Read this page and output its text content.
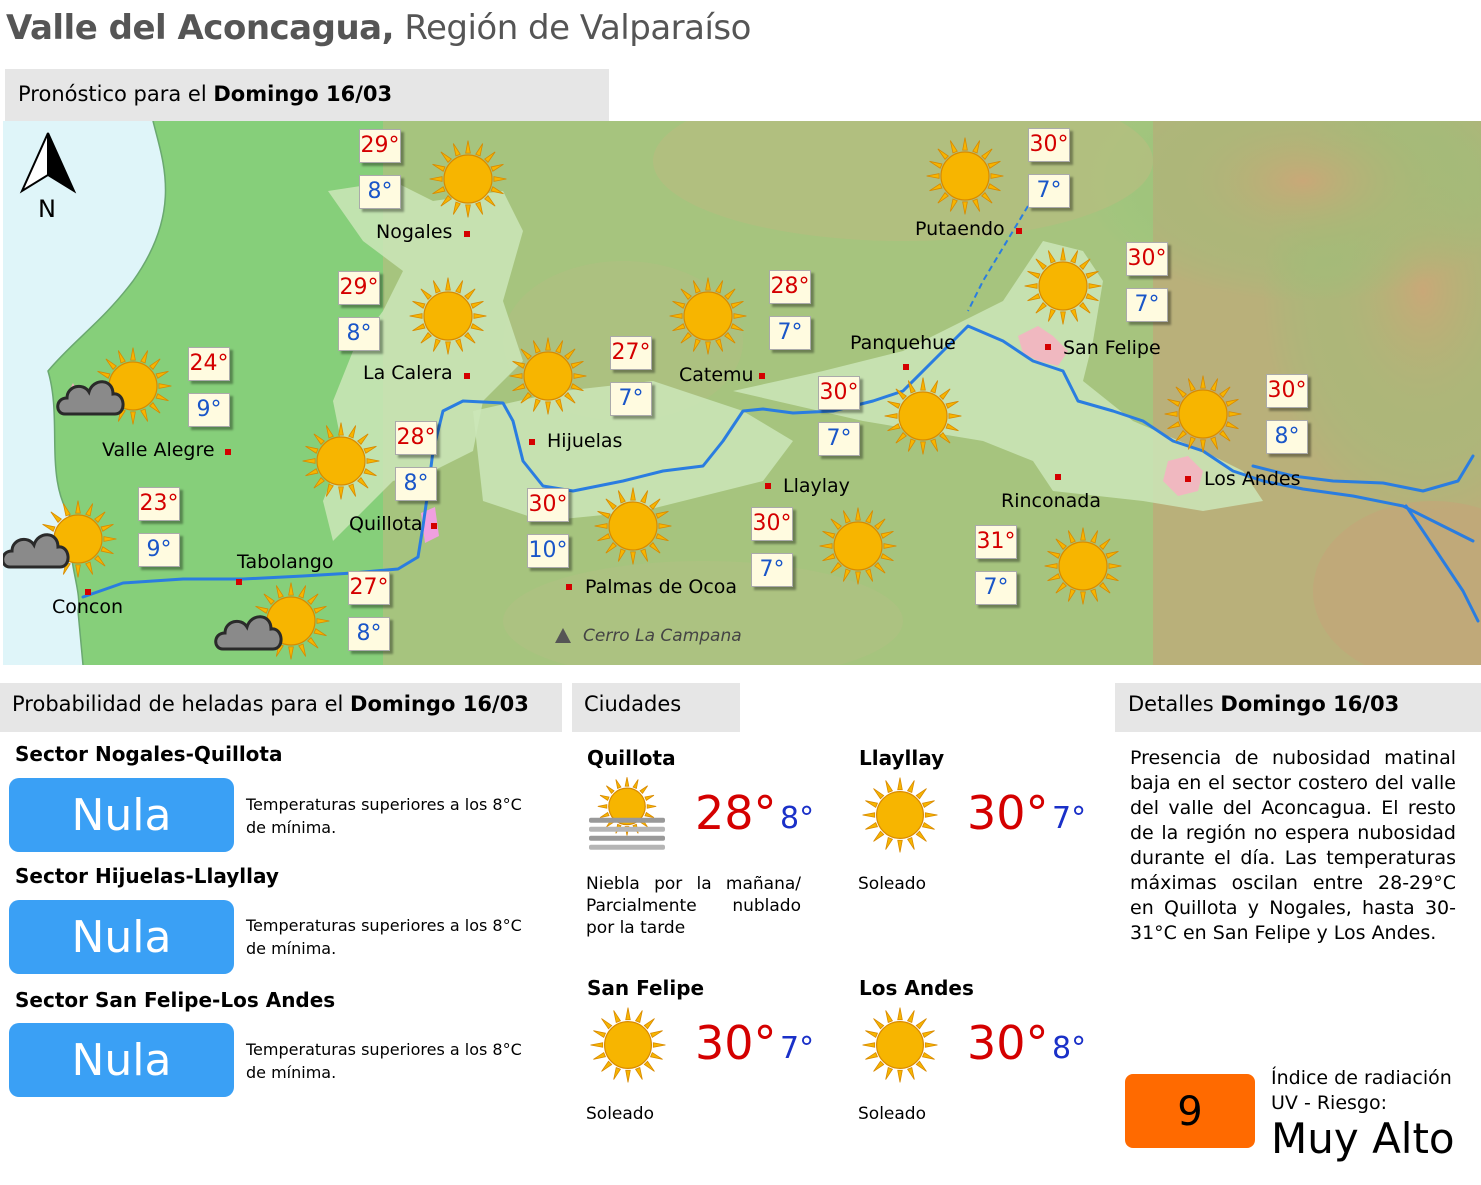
Valle del Aconcagua, Región de Valparaíso
Pronóstico para el Domingo 16/03
N
Cerro La Campana
Nogales
29°
8°
La Calera
29°
8°
Valle Alegre
24°
9°
Concon
23°
9°	Tabolango
27°
8°
Quillota
28°
8°
Hijuelas
27°
7°
Catemu
28°
7°
Palmas de Ocoa
30°
10°
Llaylay
30°
7°
Panquehue
30°
7°
Putaendo
30°
7°
San Felipe
30°
7°
Rinconada
31°
7°
Los Andes
30°
8°
Probabilidad de heladas para el Domingo 16/03
Sector Nogales-Quillota
Nula	Temperaturas superiores a los 8°C de mínima.
Sector Hijuelas-Llayllay
Nula	Temperaturas superiores a los 8°C de mínima.
Sector San Felipe-Los Andes
Nula	Temperaturas superiores a los 8°C de mínima.
Ciudades
Quillota
28° 8°
Niebla por la mañana/ Parcialmente nublado por la tarde
Llayllay
30° 7°
Soleado
San Felipe
30° 7°
Soleado
Los Andes
30° 8°
Soleado
Detalles Domingo 16/03
Presencia de nubosidad matinal baja en el sector costero del valle del valle del Aconcagua. El resto de la región no espera nubosidad durante el día. Las temperaturas máximas oscilan entre 28-29°C en Quillota y Nogales, hasta 30-31°C en San Felipe y Los Andes.
9
Índice de radiación UV - Riesgo:
Muy Alto
